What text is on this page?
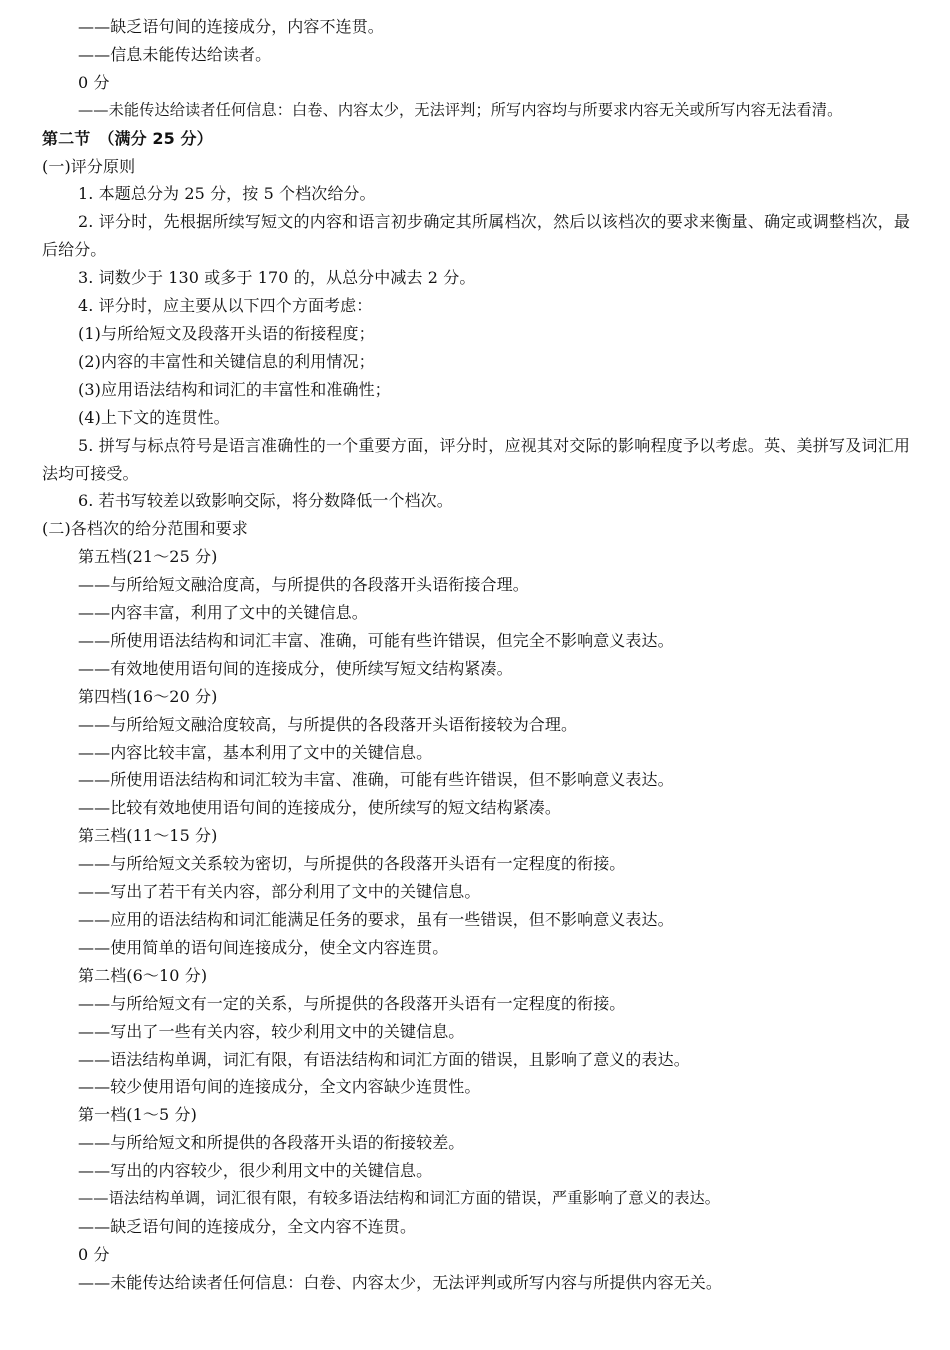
——缺乏语句间的连接成分，内容不连贯。
——信息未能传达给读者。
0 分
——未能传达给读者任何信息：白卷、内容太少，无法评判；所写内容均与所要求内容无关或所写内容无法看清。
第二节　（满分 25 分）
(一)评分原则
1. 本题总分为 25 分，按 5 个档次给分。
2. 评分时，先根据所续写短文的内容和语言初步确定其所属档次，然后以该档次的要求来衡量、确定或调整档次，最后给分。
3. 词数少于 130 或多于 170 的，从总分中减去 2 分。
4. 评分时，应主要从以下四个方面考虑：
(1)与所给短文及段落开头语的衔接程度；
(2)内容的丰富性和关键信息的利用情况；
(3)应用语法结构和词汇的丰富性和准确性；
(4)上下文的连贯性。
5. 拼写与标点符号是语言准确性的一个重要方面，评分时，应视其对交际的影响程度予以考虑。英、美拼写及词汇用法均可接受。
6. 若书写较差以致影响交际，将分数降低一个档次。
(二)各档次的给分范围和要求
第五档(21～25 分)
——与所给短文融洽度高，与所提供的各段落开头语衔接合理。
——内容丰富，利用了文中的关键信息。
——所使用语法结构和词汇丰富、准确，可能有些许错误，但完全不影响意义表达。
——有效地使用语句间的连接成分，使所续写短文结构紧凑。
第四档(16～20 分)
——与所给短文融洽度较高，与所提供的各段落开头语衔接较为合理。
——内容比较丰富，基本利用了文中的关键信息。
——所使用语法结构和词汇较为丰富、准确，可能有些许错误，但不影响意义表达。
——比较有效地使用语句间的连接成分，使所续写的短文结构紧凑。
第三档(11～15 分)
——与所给短文关系较为密切，与所提供的各段落开头语有一定程度的衔接。
——写出了若干有关内容，部分利用了文中的关键信息。
——应用的语法结构和词汇能满足任务的要求，虽有一些错误，但不影响意义表达。
——使用简单的语句间连接成分，使全文内容连贯。
第二档(6～10 分)
——与所给短文有一定的关系，与所提供的各段落开头语有一定程度的衔接。
——写出了一些有关内容，较少利用文中的关键信息。
——语法结构单调，词汇有限，有语法结构和词汇方面的错误，且影响了意义的表达。
——较少使用语句间的连接成分，全文内容缺少连贯性。
第一档(1～5 分)
——与所给短文和所提供的各段落开头语的衔接较差。
——写出的内容较少，很少利用文中的关键信息。
——语法结构单调，词汇很有限，有较多语法结构和词汇方面的错误，严重影响了意义的表达。
——缺乏语句间的连接成分，全文内容不连贯。
0 分
——未能传达给读者任何信息：白卷、内容太少，无法评判或所写内容与所提供内容无关。
